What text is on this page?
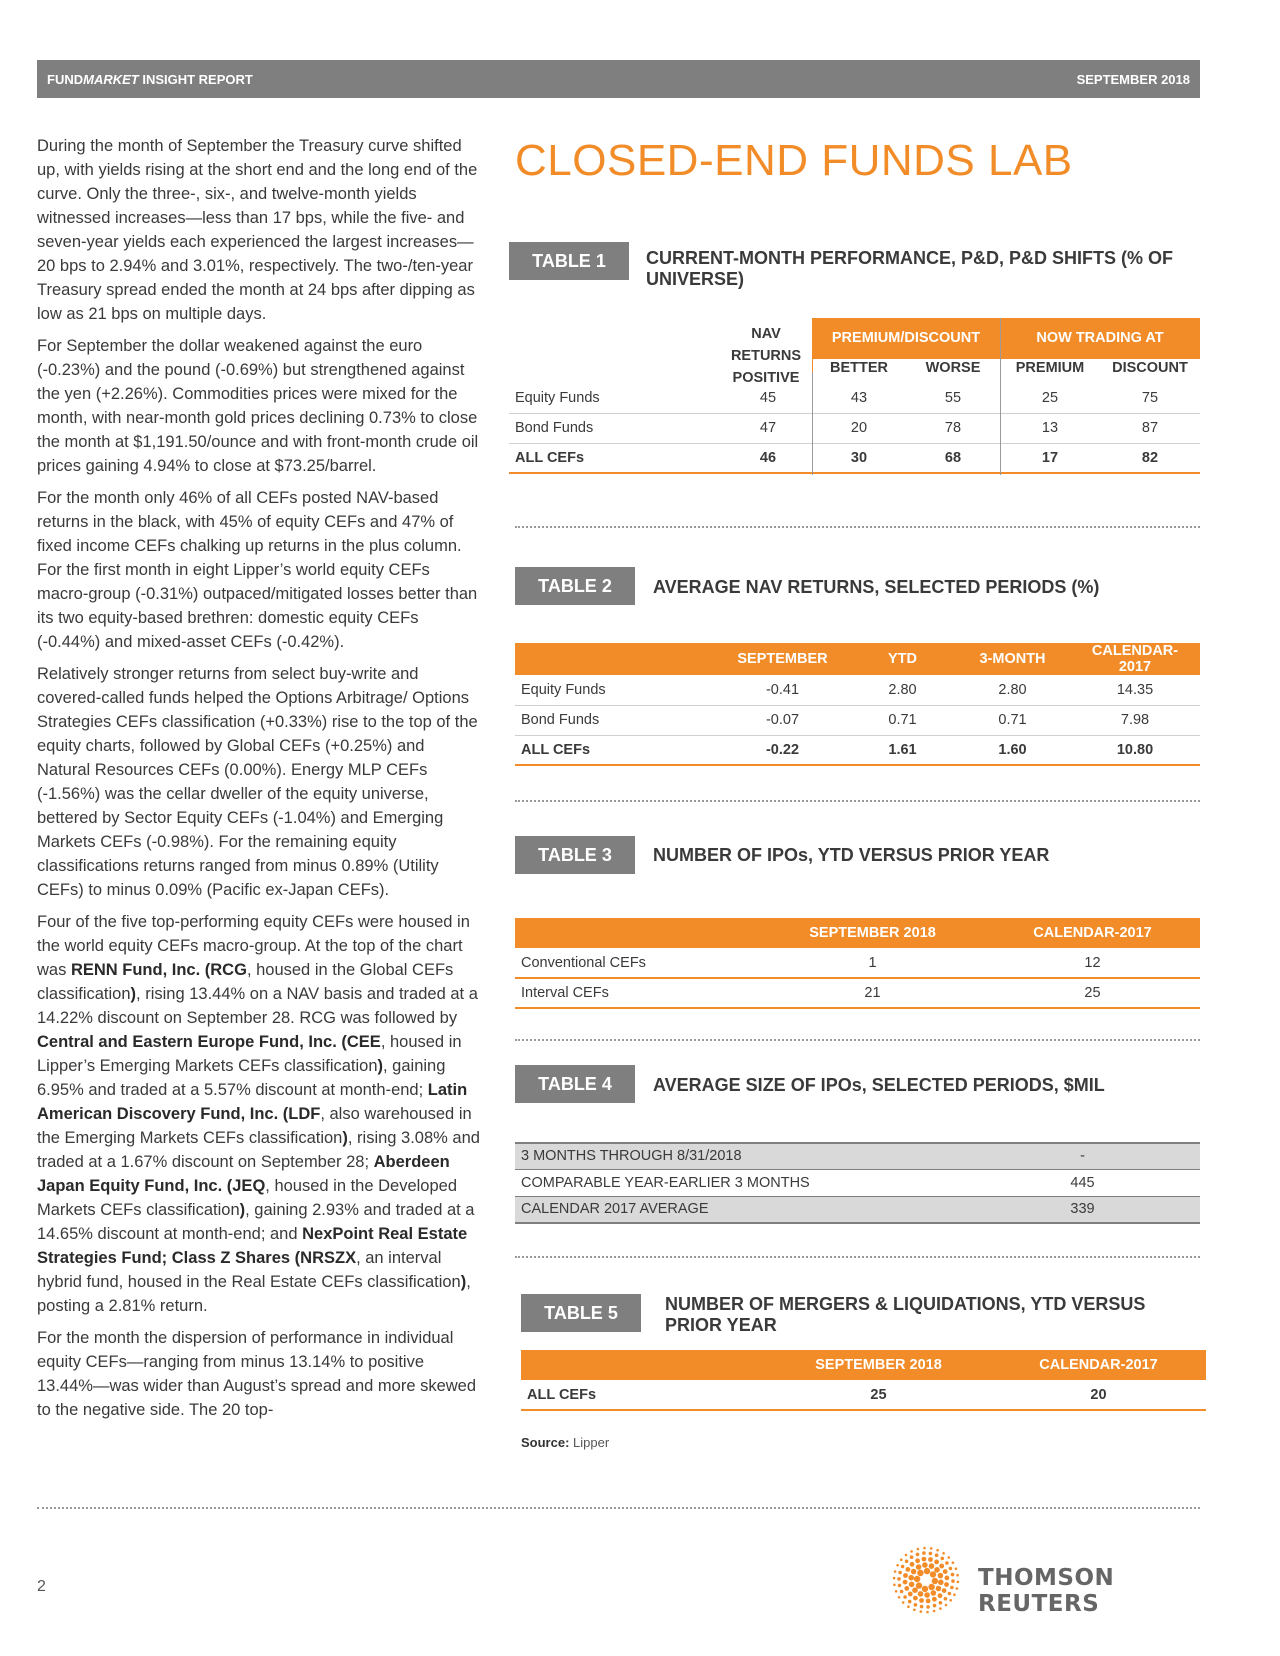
FUNDMARKET INSIGHT REPORT	SEPTEMBER 2018

During the month of September the Treasury curve shifted up, with yields rising at the short end and the long end of the curve. Only the three-, six-, and twelve-month yields witnessed increases—less than 17 bps, while the five- and seven-year yields each experienced the largest increases—20 bps to 2.94% and 3.01%, respectively. The two-/ten-year Treasury spread ended the month at 24 bps after dipping as low as 21 bps on multiple days.

For September the dollar weakened against the euro (-0.23%) and the pound (-0.69%) but strengthened against the yen (+2.26%). Commodities prices were mixed for the month, with near-month gold prices declining 0.73% to close the month at $1,191.50/ounce and with front-month crude oil prices gaining 4.94% to close at $73.25/barrel.

For the month only 46% of all CEFs posted NAV-based returns in the black, with 45% of equity CEFs and 47% of fixed income CEFs chalking up returns in the plus column. For the first month in eight Lipper’s world equity CEFs macro-group (-0.31%) outpaced/mitigated losses better than its two equity-based brethren: domestic equity CEFs (-0.44%) and mixed-asset CEFs (-0.42%).

Relatively stronger returns from select buy-write and covered-called funds helped the Options Arbitrage/ Options Strategies CEFs classification (+0.33%) rise to the top of the equity charts, followed by Global CEFs (+0.25%) and Natural Resources CEFs (0.00%). Energy MLP CEFs (-1.56%) was the cellar dweller of the equity universe, bettered by Sector Equity CEFs (-1.04%) and Emerging Markets CEFs (-0.98%). For the remaining equity classifications returns ranged from minus 0.89% (Utility CEFs) to minus 0.09% (Pacific ex-Japan CEFs).

Four of the five top-performing equity CEFs were housed in the world equity CEFs macro-group. At the top of the chart was RENN Fund, Inc. (RCG, housed in the Global CEFs classification), rising 13.44% on a NAV basis and traded at a 14.22% discount on September 28. RCG was followed by Central and Eastern Europe Fund, Inc. (CEE, housed in Lipper’s Emerging Markets CEFs classification), gaining 6.95% and traded at a 5.57% discount at month-end; Latin American Discovery Fund, Inc. (LDF, also warehoused in the Emerging Markets CEFs classification), rising 3.08% and traded at a 1.67% discount on September 28; Aberdeen Japan Equity Fund, Inc. (JEQ, housed in the Developed Markets CEFs classification), gaining 2.93% and traded at a 14.65% discount at month-end; and NexPoint Real Estate Strategies Fund; Class Z Shares (NRSZX, an interval hybrid fund, housed in the Real Estate CEFs classification), posting a 2.81% return.

For the month the dispersion of performance in individual equity CEFs—ranging from minus 13.14% to positive 13.44%—was wider than August’s spread and more skewed to the negative side. The 20 top-

CLOSED-END FUNDS LAB
TABLE 1	CURRENT-MONTH PERFORMANCE, P&D, P&D SHIFTS (% OF UNIVERSE)
NAV RETURNS POSITIVE
PREMIUM/DISCOUNT	NOW TRADING AT
BETTER	WORSE	PREMIUM	DISCOUNT
Equity Funds	45	43	55	25	75
Bond Funds	47	20	78	13	87
ALL CEFs	46	30	68	17	82
TABLE 2	AVERAGE NAV RETURNS, SELECTED PERIODS (%)
	SEPTEMBER	YTD	3-MONTH	CALENDAR-2017
Equity Funds	-0.41	2.80	2.80	14.35
Bond Funds	-0.07	0.71	0.71	7.98
ALL CEFs	-0.22	1.61	1.60	10.80
TABLE 3	NUMBER OF IPOs, YTD VERSUS PRIOR YEAR
	SEPTEMBER 2018	CALENDAR-2017
Conventional CEFs	1	12
Interval CEFs	21	25
TABLE 4	AVERAGE SIZE OF IPOs, SELECTED PERIODS, $MIL
3 MONTHS THROUGH 8/31/2018	-
COMPARABLE YEAR-EARLIER 3 MONTHS	445
CALENDAR 2017 AVERAGE	339
TABLE 5	NUMBER OF MERGERS & LIQUIDATIONS, YTD VERSUS PRIOR YEAR
	SEPTEMBER 2018	CALENDAR-2017
ALL CEFs	25	20
Source: Lipper
2	THOMSON REUTERS
